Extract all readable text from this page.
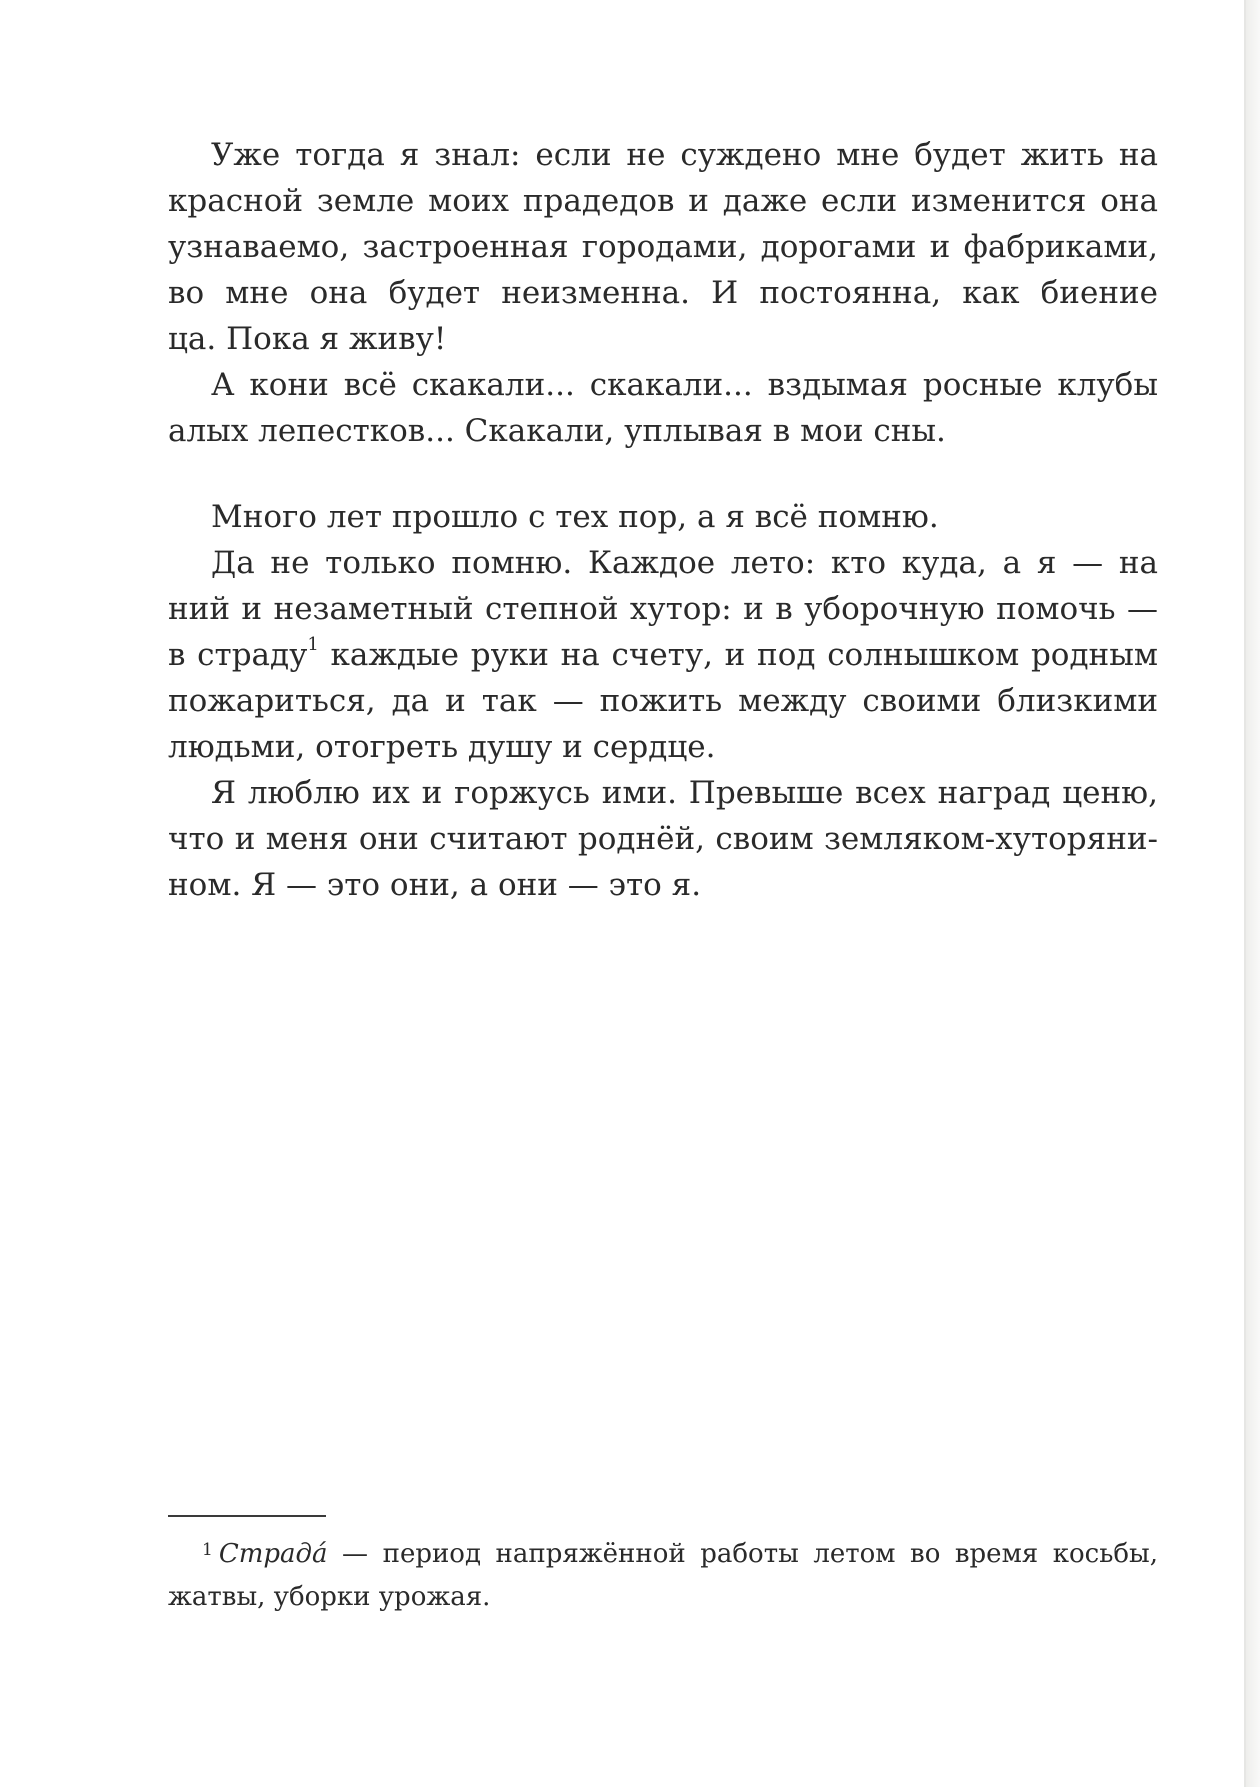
Уже тогда я знал: если не суждено мне будет жить на
красной земле моих прадедов и даже если изменится она
узнаваемо, застроенная городами, дорогами и фабриками,
во мне она будет неизменна. И постоянна, как биение
ца. Пока я живу!
А кони всё скакали... скакали... вздымая росные клубы
алых лепестков... Скакали, уплывая в мои сны.
Много лет прошло с тех пор, а я всё помню.
Да не только помню. Каждое лето: кто куда, а я — на
ний и незаметный степной хутор: и в уборочную помочь —
в страду$^1$ каждые руки на счету, и под солнышком родным
пожариться, да и так — пожить между своими близкими
людьми, отогреть душу и сердце.
Я люблю их и горжусь ими. Превыше всех наград ценю,
что и меня они считают роднёй, своим земляком-хуторяни-
ном. Я — это они, а они — это я.
$^1$ Страдá — период напряжённой работы летом во время косьбы,
жатвы, уборки урожая.
